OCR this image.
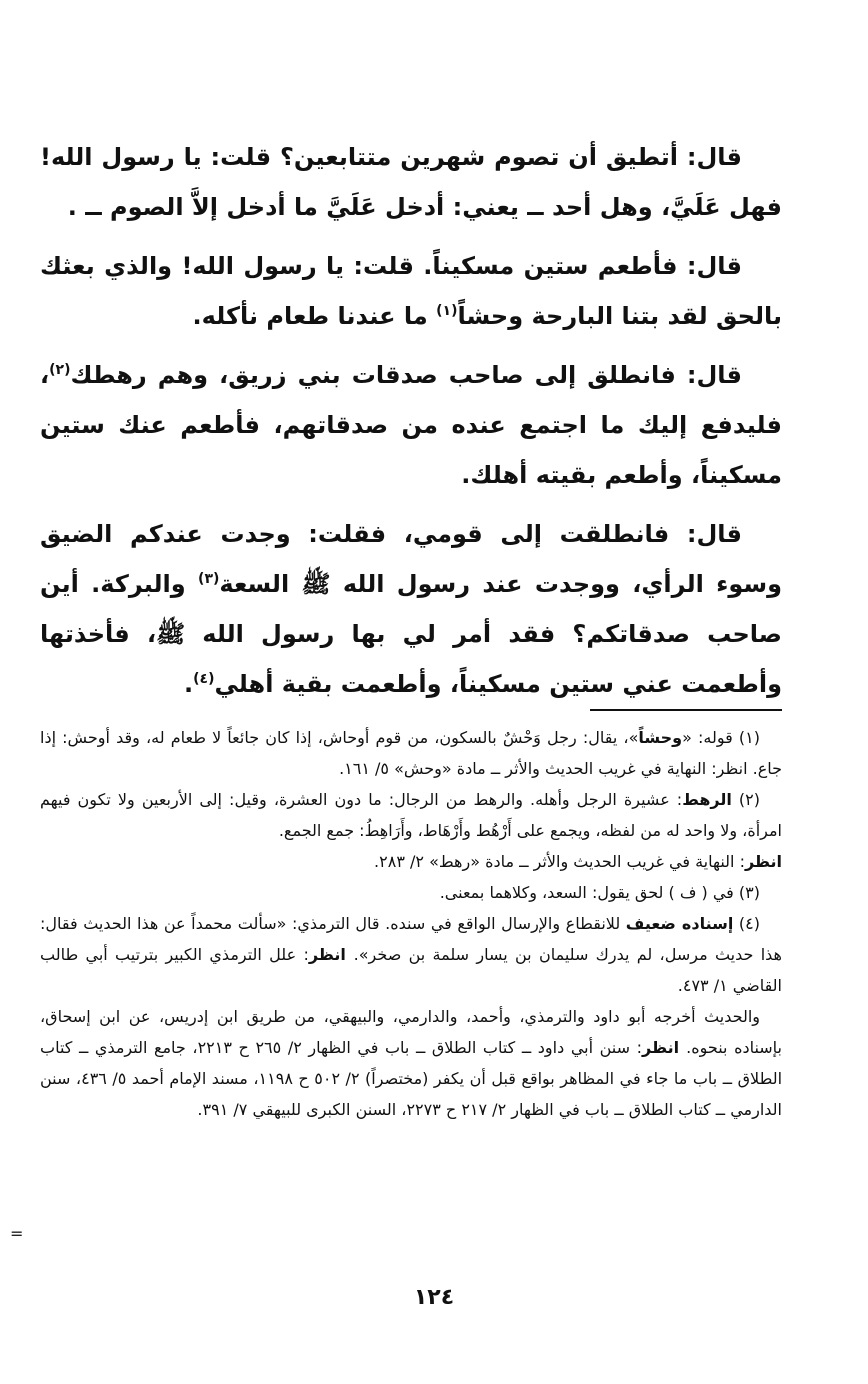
قال: أتطيق أن تصوم شهرين متتابعين؟ قلت: يا رسول الله! فهل عَلَيَّ، وهل أحد ــ يعني: أدخل عَلَيَّ ما أدخل إلاَّ الصوم ــ .

قال: فأطعم ستين مسكيناً. قلت: يا رسول الله! والذي بعثك بالحق لقد بتنا البارحة وحشاً$^{(١)}$ ما عندنا طعام نأكله.

قال: فانطلق إلى صاحب صدقات بني زريق، وهم رهطك$^{(٢)}$، فليدفع إليك ما اجتمع عنده من صدقاتهم، فأطعم عنك ستين مسكيناً، وأطعم بقيته أهلك.

قال: فانطلقت إلى قومي، فقلت: وجدت عندكم الضيق وسوء الرأي، ووجدت عند رسول الله ﷺ السعة$^{(٣)}$ والبركة. أين صاحب صدقاتكم؟ فقد أمر لي بها رسول الله ﷺ، فأخذتها وأطعمت عني ستين مسكيناً، وأطعمت بقية أهلي$^{(٤)}$.

(١) قوله: «وحشاً»، يقال: رجل وَحْشٌ بالسكون، من قوم أوحاش، إذا كان جائعاً لا طعام له، وقد أوحش: إذا جاع. انظر: النهاية في غريب الحديث والأثر ــ مادة «وحش» ٥/ ١٦١.

(٢) الرهط: عشيرة الرجل وأهله. والرهط من الرجال: ما دون العشرة، وقيل: إلى الأربعين ولا تكون فيهم امرأة، ولا واحد له من لفظه، ويجمع على أَرْهُط وأَرْهَاط، وأَرَاهِطُ: جمع الجمع.
انظر: النهاية في غريب الحديث والأثر ــ مادة «رهط» ٢/ ٢٨٣.

(٣) في ( ف ) لحق يقول: السعد، وكلاهما بمعنى.

(٤) إسناده ضعيف للانقطاع والإرسال الواقع في سنده. قال الترمذي: «سألت محمداً عن هذا الحديث فقال: هذا حديث مرسل، لم يدرك سليمان بن يسار سلمة بن صخر». انظر: علل الترمذي الكبير بترتيب أبي طالب القاضي ١/ ٤٧٣.

والحديث أخرجه أبو داود والترمذي، وأحمد، والدارمي، والبيهقي، من طريق ابن إدريس، عن ابن إسحاق، بإسناده بنحوه. انظر: سنن أبي داود ــ كتاب الطلاق ــ باب في الظهار ٢/ ٢٦٥ ح ٢٢١٣، جامع الترمذي ــ كتاب الطلاق ــ باب ما جاء في المظاهر بواقع قبل أن يكفر (مختصراً) ٢/ ٥٠٢ ح ١١٩٨، مسند الإمام أحمد ٥/ ٤٣٦، سنن الدارمي ــ كتاب الطلاق ــ باب في الظهار ٢/ ٢١٧ ح ٢٢٧٣، السنن الكبرى للبيهقي ٧/ ٣٩١.

=
١٢٤
